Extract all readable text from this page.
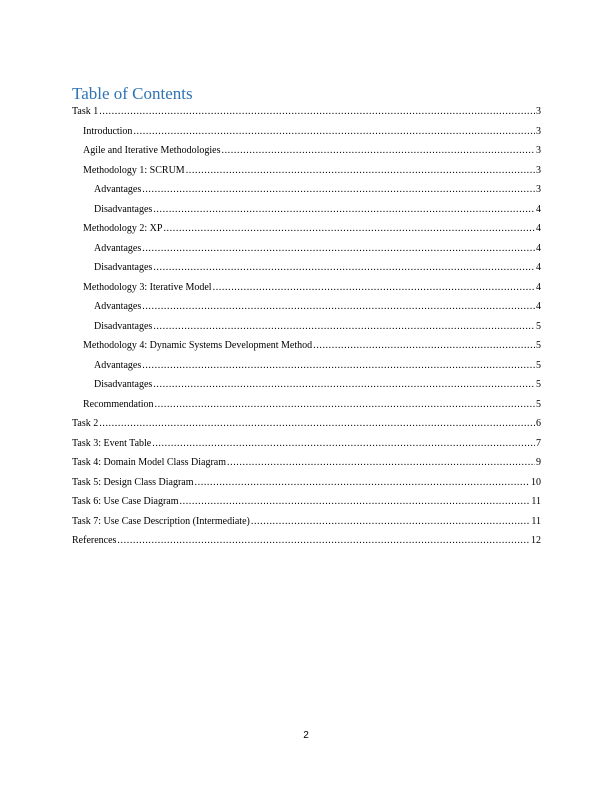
Table of Contents
Task 1 .....	3
Introduction .....	3
Agile and Iterative Methodologies .....	3
Methodology 1: SCRUM .....	3
Advantages .....	3
Disadvantages .....	4
Methodology 2: XP .....	4
Advantages .....	4
Disadvantages .....	4
Methodology 3: Iterative Model .....	4
Advantages .....	4
Disadvantages .....	5
Methodology 4: Dynamic Systems Development Method .....	5
Advantages .....	5
Disadvantages .....	5
Recommendation .....	5
Task 2 .....	6
Task 3: Event Table .....	7
Task 4: Domain Model Class Diagram .....	9
Task 5: Design Class Diagram .....	10
Task 6: Use Case Diagram .....	11
Task 7: Use Case Description (Intermediate) .....	11
References .....	12
2
